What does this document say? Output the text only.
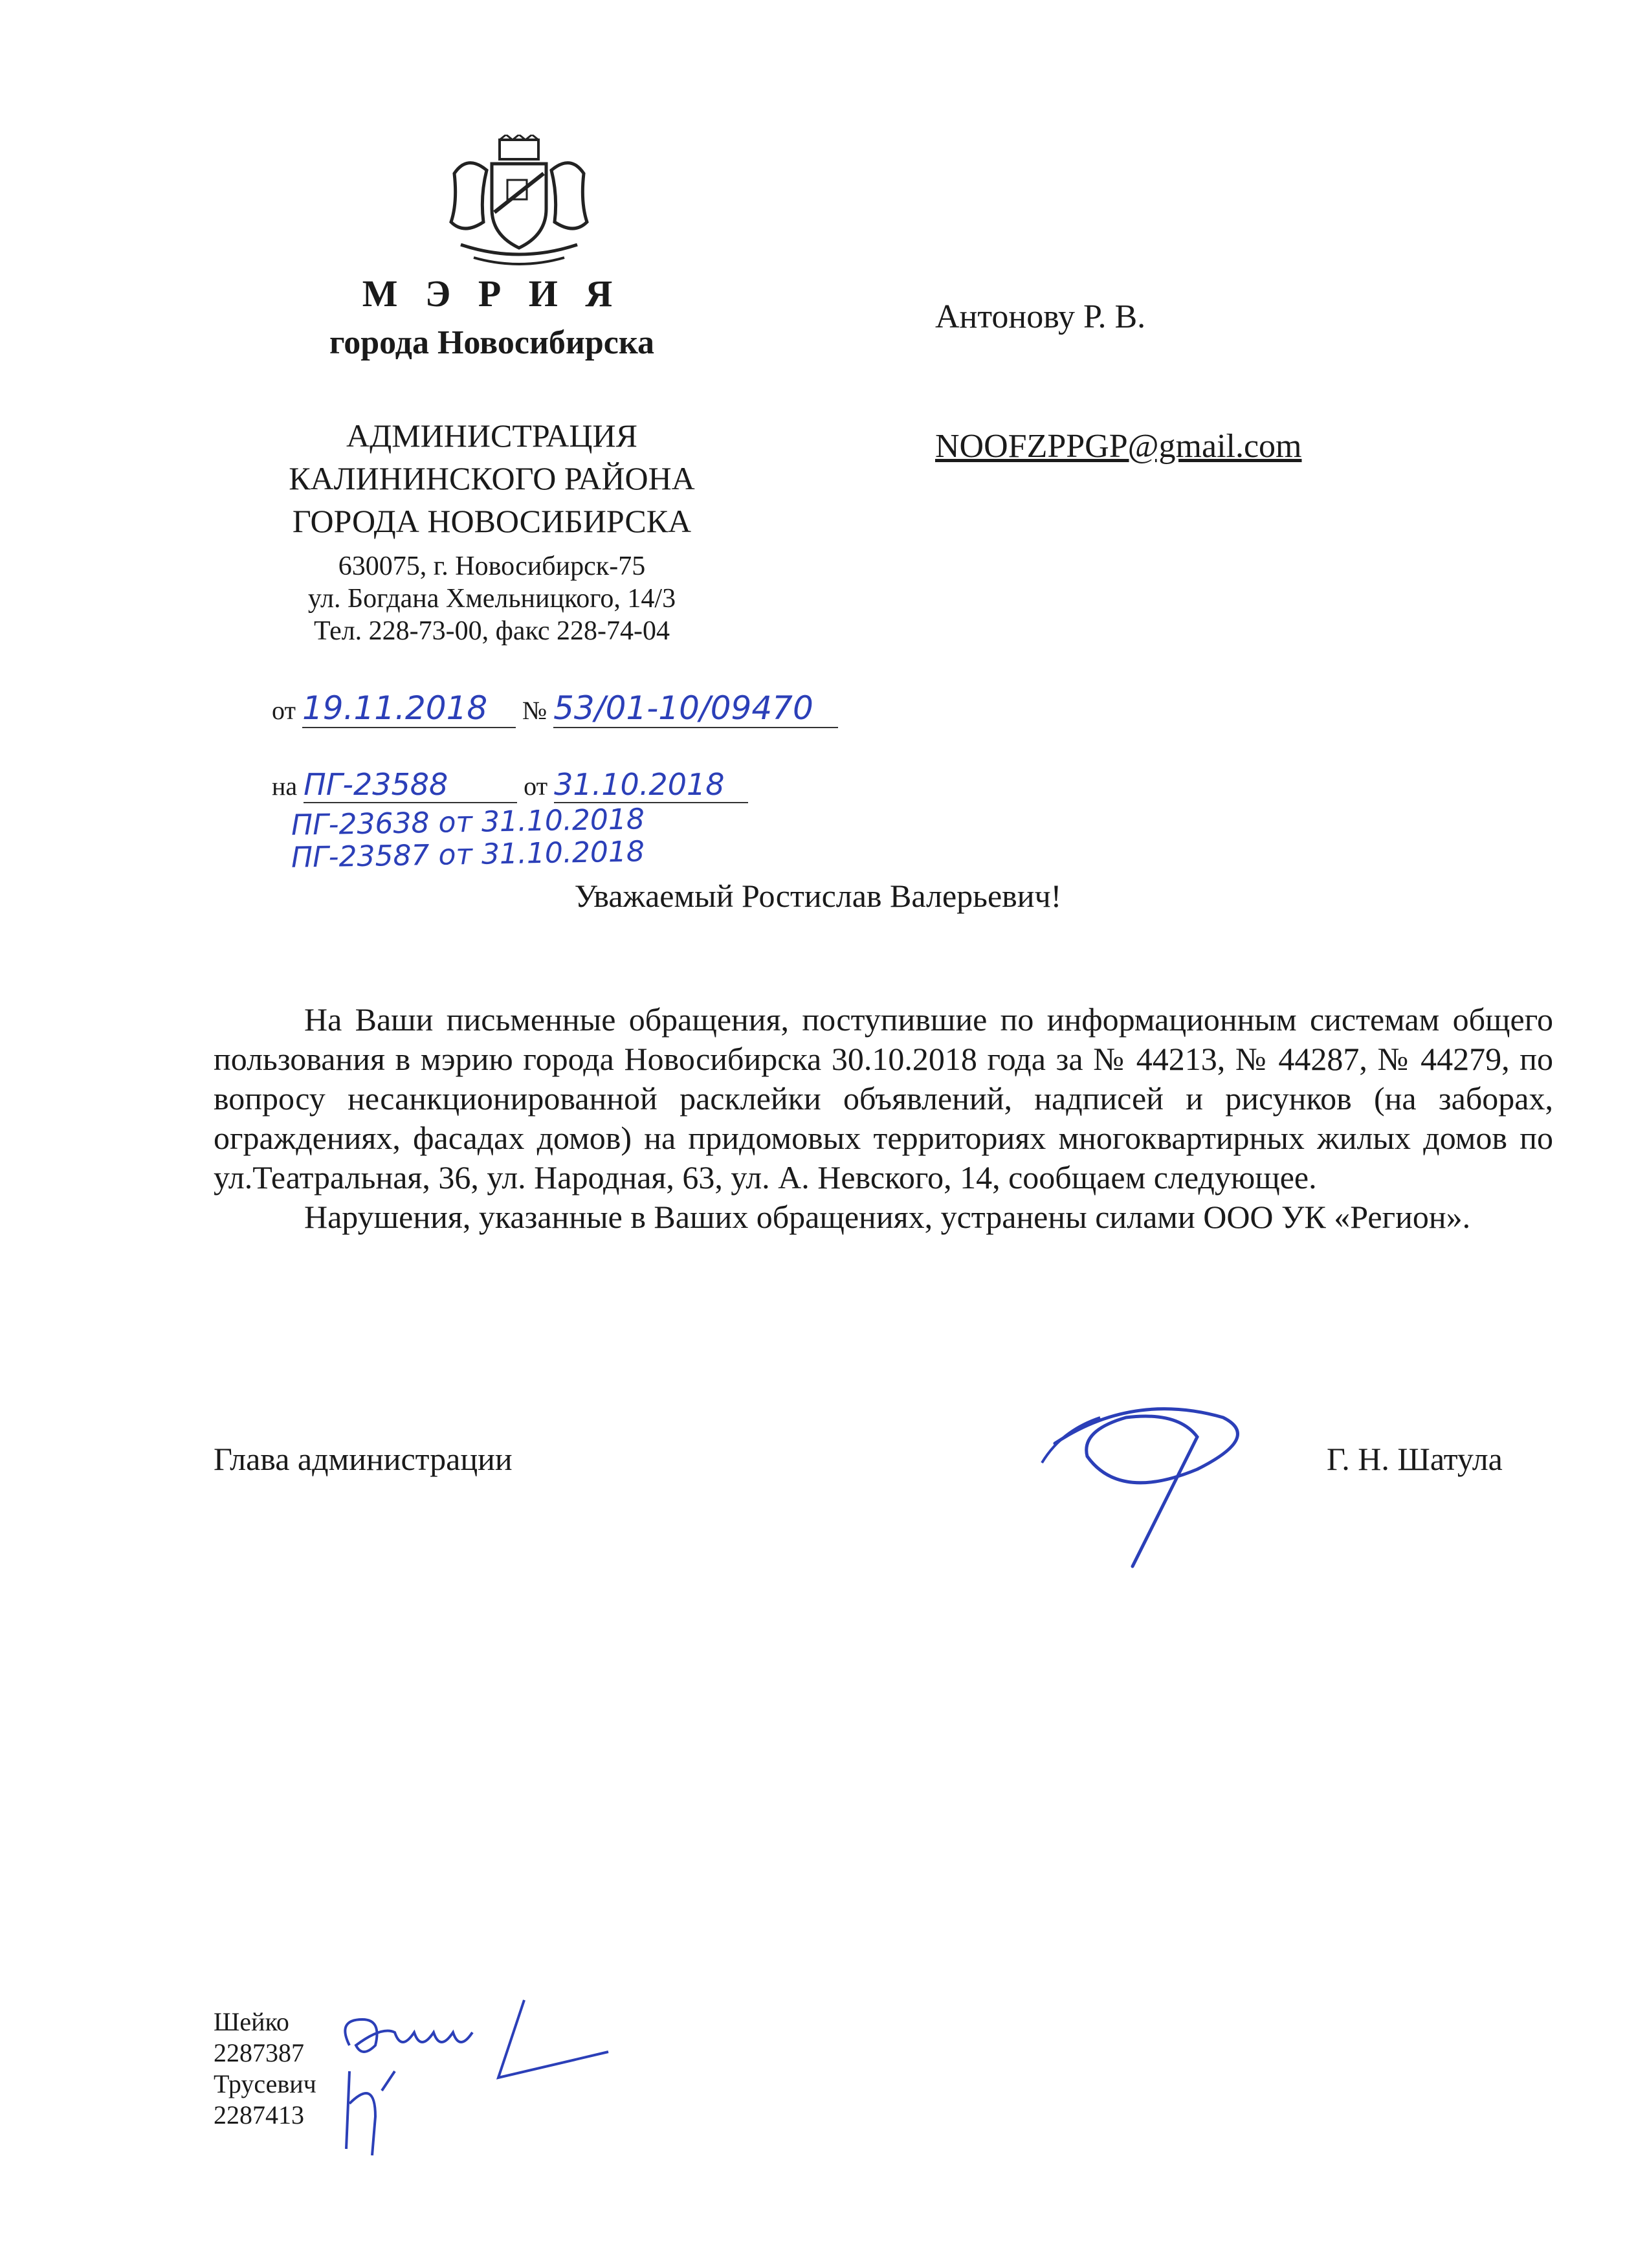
М Э Р И Я
города Новосибирска
АДМИНИСТРАЦИЯ
КАЛИНИНСКОГО РАЙОНА
ГОРОДА НОВОСИБИРСКА
630075, г. Новосибирск-75
ул. Богдана Хмельницкого, 14/3
Тел. 228-73-00, факс 228-74-04
от 19.11.2018 № 53/01-10/09470
на ПГ-23588	от 31.10.2018
ПГ-23638 от 31.10.2018
ПГ-23587 от 31.10.2018
Антонову Р. В.
NOOFZPPGP@gmail.com
Уважаемый Ростислав Валерьевич!

На Ваши письменные обращения, поступившие по информационным системам общего пользования в мэрию города Новосибирска 30.10.2018 года за № 44213, № 44287, № 44279, по вопросу несанкционированной расклейки объявлений, надписей и рисунков (на заборах, ограждениях, фасадах домов) на придомовых территориях многоквартирных жилых домов по ул.Театральная, 36, ул. Народная, 63, ул. А. Невского, 14, сообщаем следующее.

Нарушения, указанные в Ваших обращениях, устранены силами ООО УК «Регион».

Глава администрации	Г. Н. Шатула
Шейко
2287387
Трусевич
2287413
